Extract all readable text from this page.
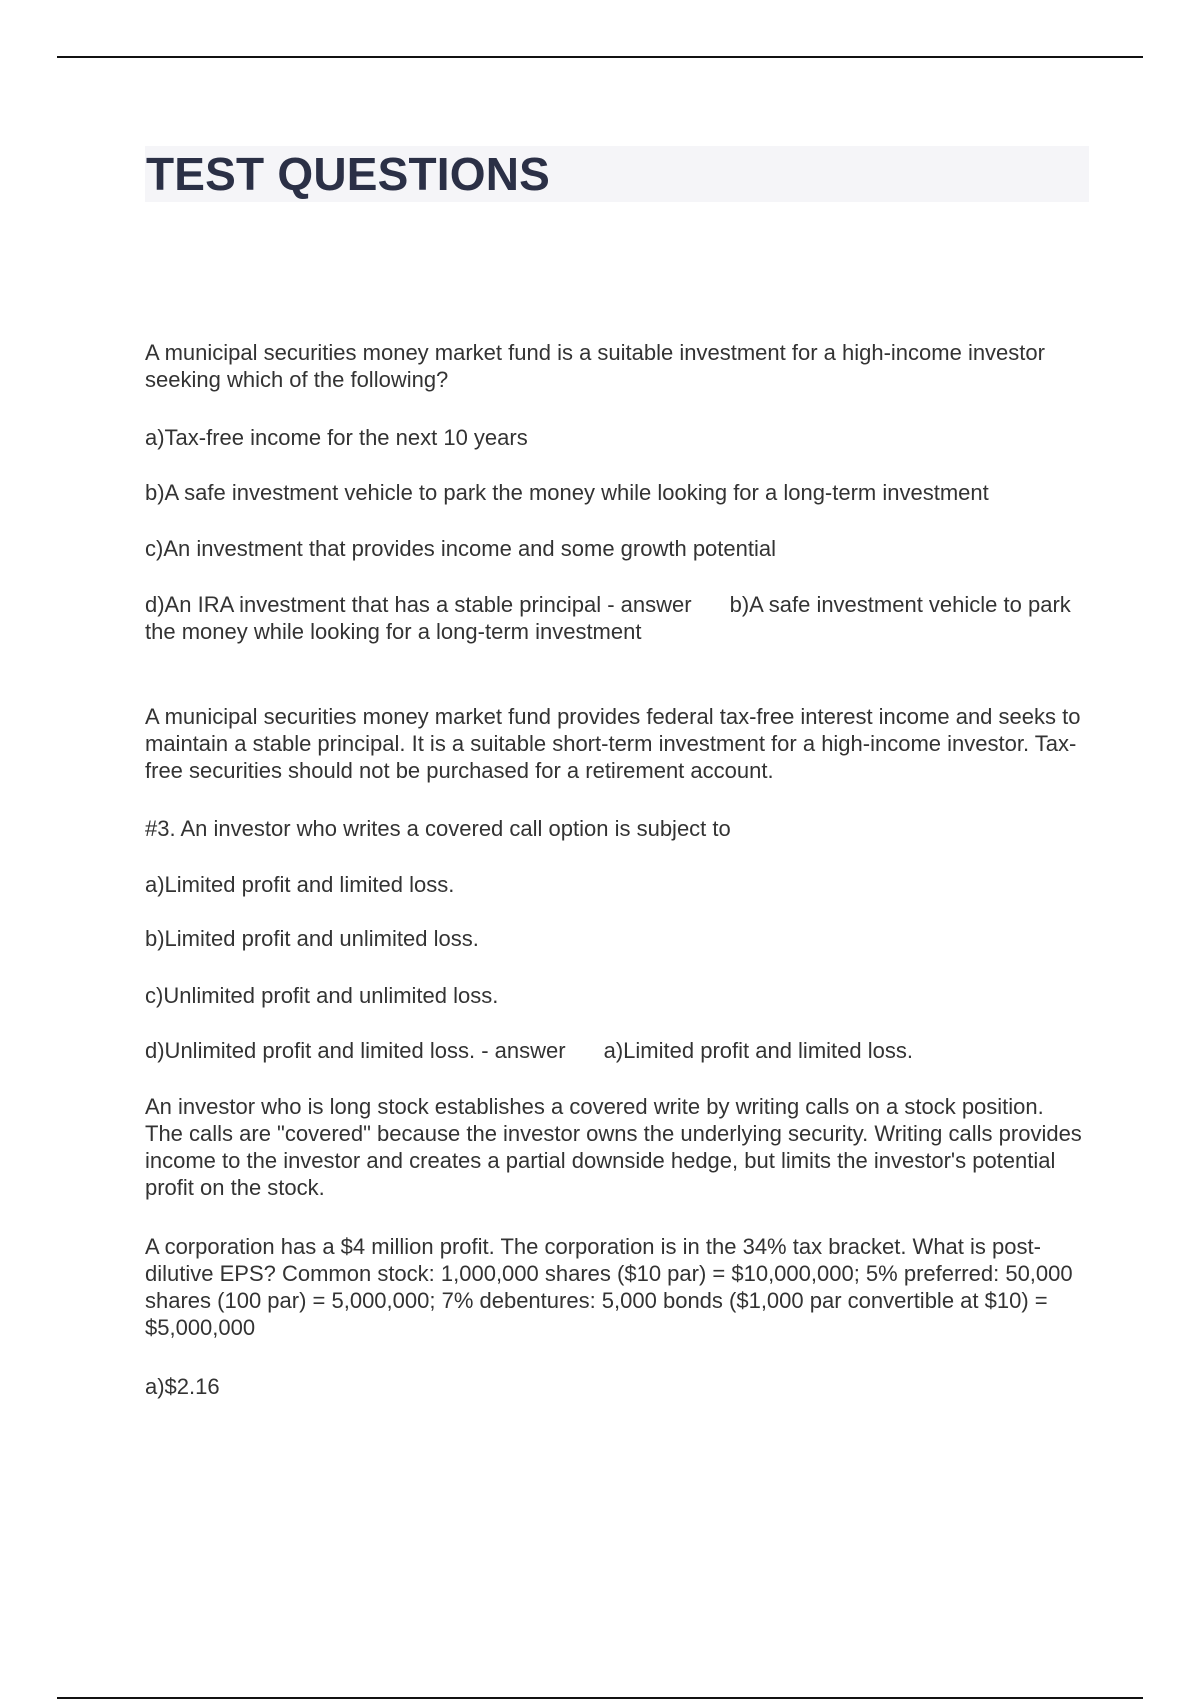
TEST QUESTIONS

A municipal securities money market fund is a suitable investment for a high-income investor seeking which of the following?

a)Tax-free income for the next 10 years

b)A safe investment vehicle to park the money while looking for a long-term investment

c)An investment that provides income and some growth potential

d)An IRA investment that has a stable principal - answer b)A safe investment vehicle to park the money while looking for a long-term investment

A municipal securities money market fund provides federal tax-free interest income and seeks to maintain a stable principal. It is a suitable short-term investment for a high-income investor. Tax-free securities should not be purchased for a retirement account.

#3. An investor who writes a covered call option is subject to

a)Limited profit and limited loss.

b)Limited profit and unlimited loss.

c)Unlimited profit and unlimited loss.

d)Unlimited profit and limited loss. - answer a)Limited profit and limited loss.

An investor who is long stock establishes a covered write by writing calls on a stock position. The calls are "covered" because the investor owns the underlying security. Writing calls provides income to the investor and creates a partial downside hedge, but limits the investor's potential profit on the stock.

A corporation has a $4 million profit. The corporation is in the 34% tax bracket. What is post-dilutive EPS? Common stock: 1,000,000 shares ($10 par) = $10,000,000; 5% preferred: 50,000 shares (100 par) = 5,000,000; 7% debentures: 5,000 bonds ($1,000 par convertible at $10) = $5,000,000

a)$2.16
